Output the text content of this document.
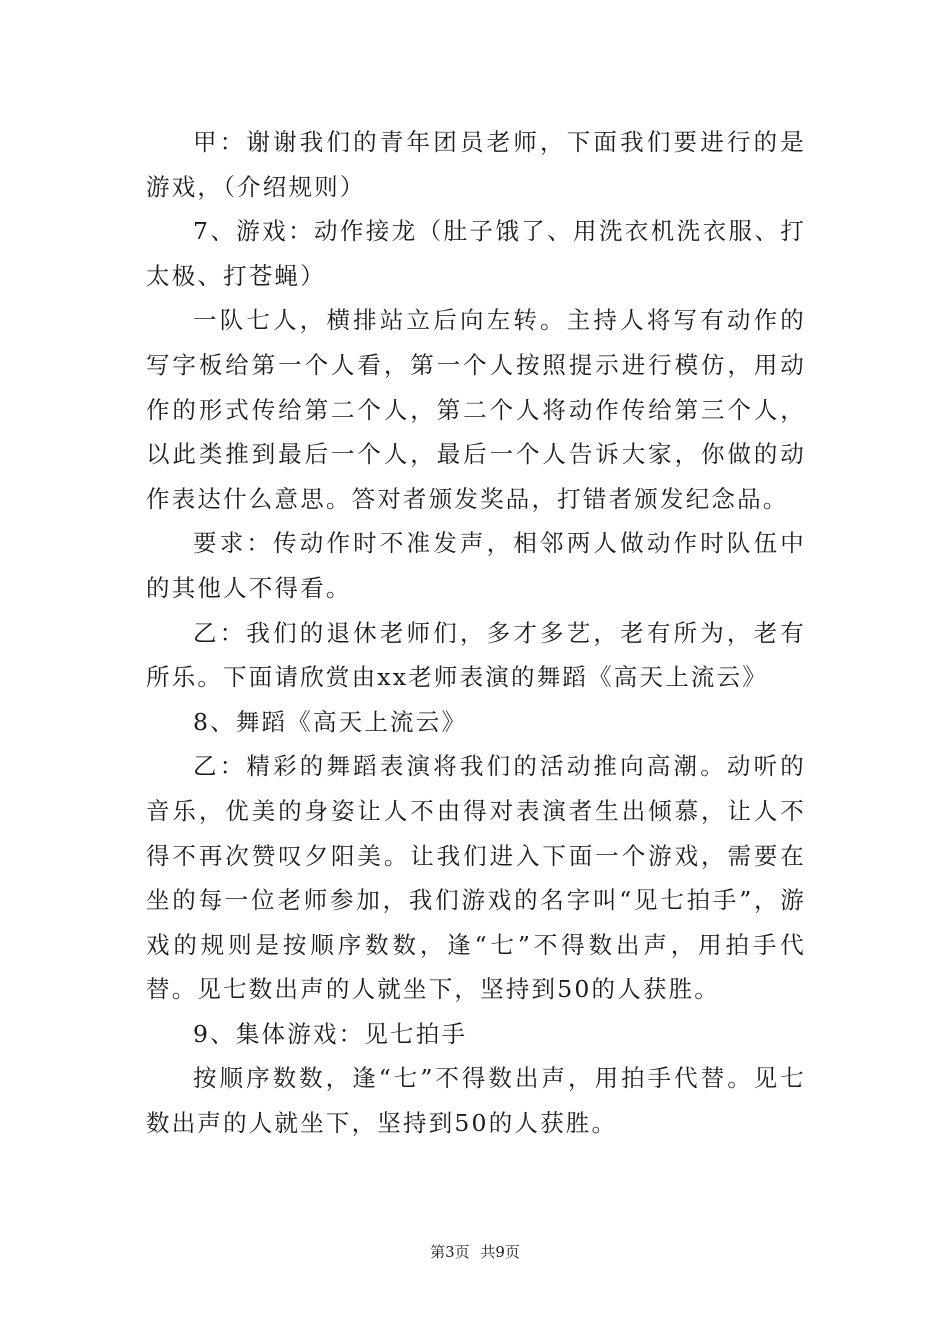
甲：谢谢我们的青年团员老师，下面我们要进行的是游戏，（介绍规则）

7、游戏：动作接龙（肚子饿了、用洗衣机洗衣服、打太极、打苍蝇）

一队七人，横排站立后向左转。主持人将写有动作的写字板给第一个人看，第一个人按照提示进行模仿，用动作的形式传给第二个人，第二个人将动作传给第三个人，以此类推到最后一个人，最后一个人告诉大家，你做的动作表达什么意思。答对者颁发奖品，打错者颁发纪念品。

要求：传动作时不准发声，相邻两人做动作时队伍中的其他人不得看。

乙：我们的退休老师们，多才多艺，老有所为，老有所乐。下面请欣赏由xx老师表演的舞蹈《高天上流云》

8、舞蹈《高天上流云》

乙：精彩的舞蹈表演将我们的活动推向高潮。动听的音乐，优美的身姿让人不由得对表演者生出倾慕，让人不得不再次赞叹夕阳美。让我们进入下面一个游戏，需要在坐的每一位老师参加，我们游戏的名字叫“见七拍手”，游戏的规则是按顺序数数，逢“七”不得数出声，用拍手代替。见七数出声的人就坐下，坚持到50的人获胜。

9、集体游戏：见七拍手

按顺序数数，逢“七”不得数出声，用拍手代替。见七数出声的人就坐下，坚持到50的人获胜。

第3页 共9页
